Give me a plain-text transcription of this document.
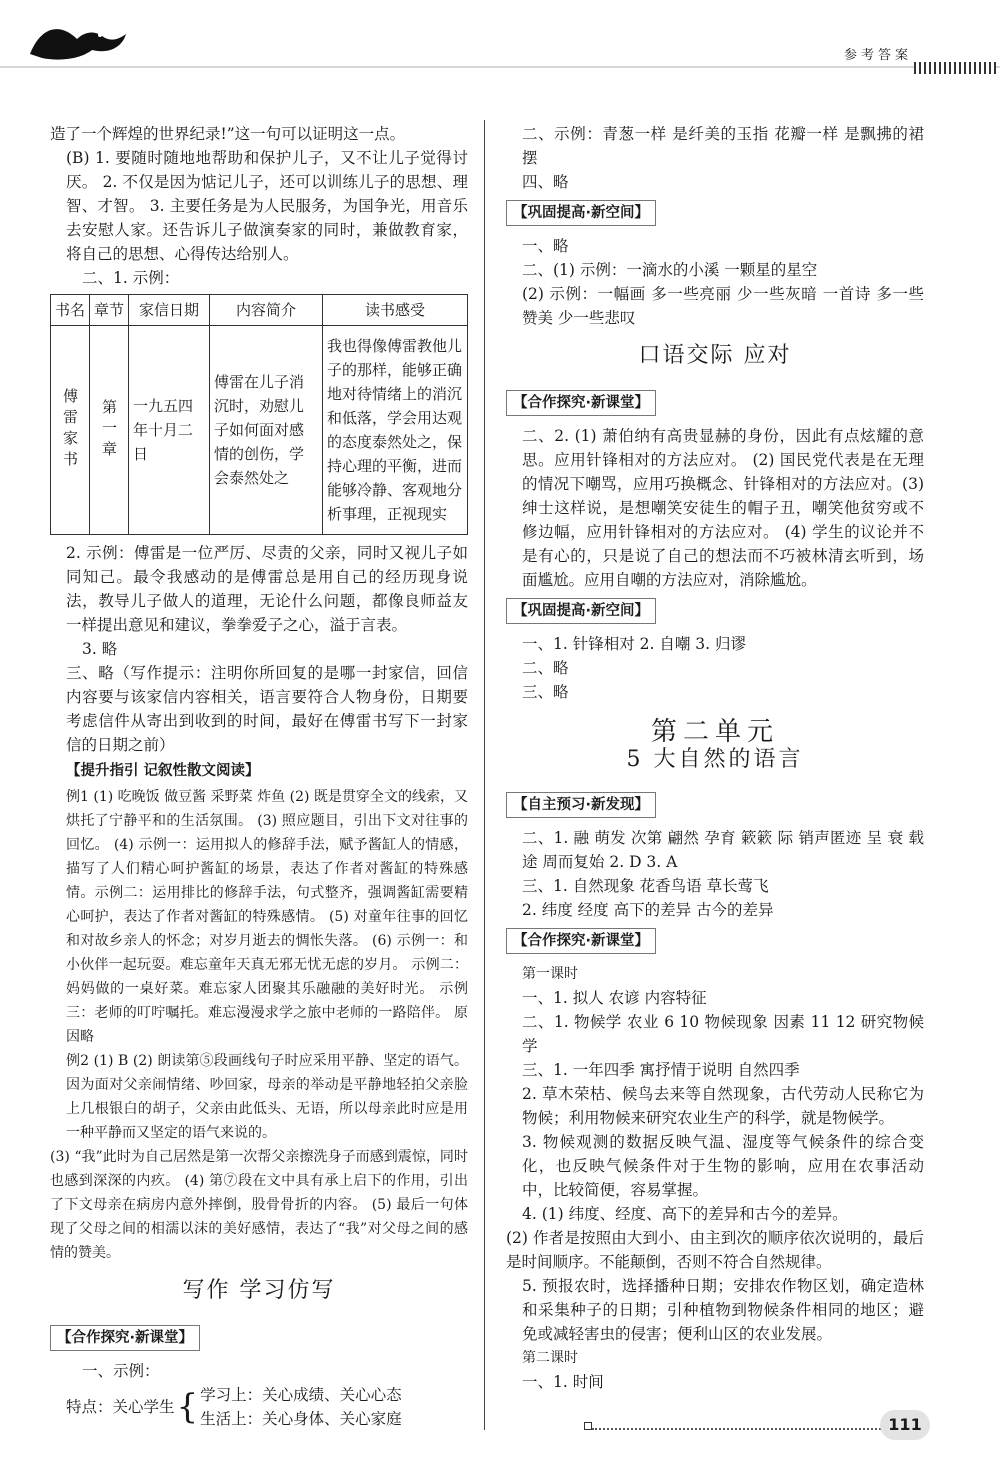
参考答案

造了一个辉煌的世界纪录!”这一句可以证明这一点。

(B) 1. 要随时随地地帮助和保护儿子，又不让儿子觉得讨厌。 2. 不仅是因为惦记儿子，还可以训练儿子的思想、理智、才智。 3. 主要任务是为人民服务，为国争光，用音乐去安慰人家。还告诉儿子做演奏家的同时，兼做教育家，将自己的思想、心得传达给别人。

二、1. 示例：

书名	章节	家信日期	内容简介	读书感受
傅雷家书	第一章	一九五四年十月二日	傅雷在儿子消沉时，劝慰儿子如何面对感情的创伤，学会泰然处之	我也得像傅雷教他儿子的那样，能够正确地对待情绪上的消沉和低落，学会用达观的态度泰然处之，保持心理的平衡，进而能够冷静、客观地分析事理，正视现实

2. 示例：傅雷是一位严厉、尽责的父亲，同时又视儿子如同知己。最令我感动的是傅雷总是用自己的经历现身说法，教导儿子做人的道理，无论什么问题，都像良师益友一样提出意见和建议，拳拳爱子之心，溢于言表。

3. 略

三、略（写作提示：注明你所回复的是哪一封家信，回信内容要与该家信内容相关，语言要符合人物身份，日期要考虑信件从寄出到收到的时间，最好在傅雷书写下一封家信的日期之前）

【提升指引 记叙性散文阅读】

例1 (1) 吃晚饭 做豆酱 采野菜 炸鱼 (2) 既是贯穿全文的线索，又烘托了宁静平和的生活氛围。 (3) 照应题目，引出下文对往事的回忆。 (4) 示例一：运用拟人的修辞手法，赋予酱缸人的情感，描写了人们精心呵护酱缸的场景，表达了作者对酱缸的特殊感情。示例二：运用排比的修辞手法，句式整齐，强调酱缸需要精心呵护，表达了作者对酱缸的特殊感情。 (5) 对童年往事的回忆和对故乡亲人的怀念；对岁月逝去的惆怅失落。 (6) 示例一：和小伙伴一起玩耍。难忘童年天真无邪无忧无虑的岁月。 示例二：妈妈做的一桌好菜。难忘家人团聚其乐融融的美好时光。 示例三：老师的叮咛嘱托。难忘漫漫求学之旅中老师的一路陪伴。 原因略

例2 (1) B (2) 朗读第⑤段画线句子时应采用平静、坚定的语气。因为面对父亲闹情绪、吵回家，母亲的举动是平静地轻拍父亲脸上几根银白的胡子，父亲由此低头、无语，所以母亲此时应是用一种平静而又坚定的语气来说的。

(3) “我”此时为自己居然是第一次帮父亲擦洗身子而感到震惊，同时也感到深深的内疚。 (4) 第⑦段在文中具有承上启下的作用，引出了下文母亲在病房内意外摔倒，股骨骨折的内容。 (5) 最后一句体现了父母之间的相濡以沫的美好感情，表达了“我”对父母之间的感情的赞美。

写作 学习仿写
【合作探究·新课堂】

一、示例：

特点：关心学生 { 学习上：关心成绩、关心心态
生活上：关心身体、关心家庭

二、示例：青葱一样 是纤美的玉指 花瓣一样 是飘拂的裙摆

四、略

【巩固提高·新空间】

一、略

二、(1) 示例：一滴水的小溪 一颗星的星空

(2) 示例：一幅画 多一些亮丽 少一些灰暗 一首诗 多一些赞美 少一些悲叹

口语交际 应对
【合作探究·新课堂】

二、2. (1) 萧伯纳有高贵显赫的身份，因此有点炫耀的意思。应用针锋相对的方法应对。 (2) 国民党代表是在无理的情况下嘲骂，应用巧换概念、针锋相对的方法应对。(3) 绅士这样说，是想嘲笑安徒生的帽子丑，嘲笑他贫穷或不修边幅，应用针锋相对的方法应对。 (4) 学生的议论并不是有心的，只是说了自己的想法而不巧被林清玄听到，场面尴尬。应用自嘲的方法应对，消除尴尬。

【巩固提高·新空间】

一、1. 针锋相对 2. 自嘲 3. 归谬

二、略

三、略

第二单元
5 大自然的语言
【自主预习·新发现】

二、1. 融 萌发 次第 翩然 孕育 簌簌 际 销声匿迹 呈 衰 载途 周而复始 2. D 3. A

三、1. 自然现象 花香鸟语 草长莺飞

2. 纬度 经度 高下的差异 古今的差异

【合作探究·新课堂】

第一课时

一、1. 拟人 农谚 内容特征

二、1. 物候学 农业 6 10 物候现象 因素 11 12 研究物候学

三、1. 一年四季 寓抒情于说明 自然四季

2. 草木荣枯、候鸟去来等自然现象，古代劳动人民称它为物候；利用物候来研究农业生产的科学，就是物候学。

3. 物候观测的数据反映气温、湿度等气候条件的综合变化，也反映气候条件对于生物的影响，应用在农事活动中，比较简便，容易掌握。

4. (1) 纬度、经度、高下的差异和古今的差异。

(2) 作者是按照由大到小、由主到次的顺序依次说明的，最后是时间顺序。不能颠倒，否则不符合自然规律。

5. 预报农时，选择播种日期；安排农作物区划，确定造林和采集种子的日期；引种植物到物候条件相同的地区；避免或减轻害虫的侵害；便利山区的农业发展。

第二课时

一、1. 时间

111
